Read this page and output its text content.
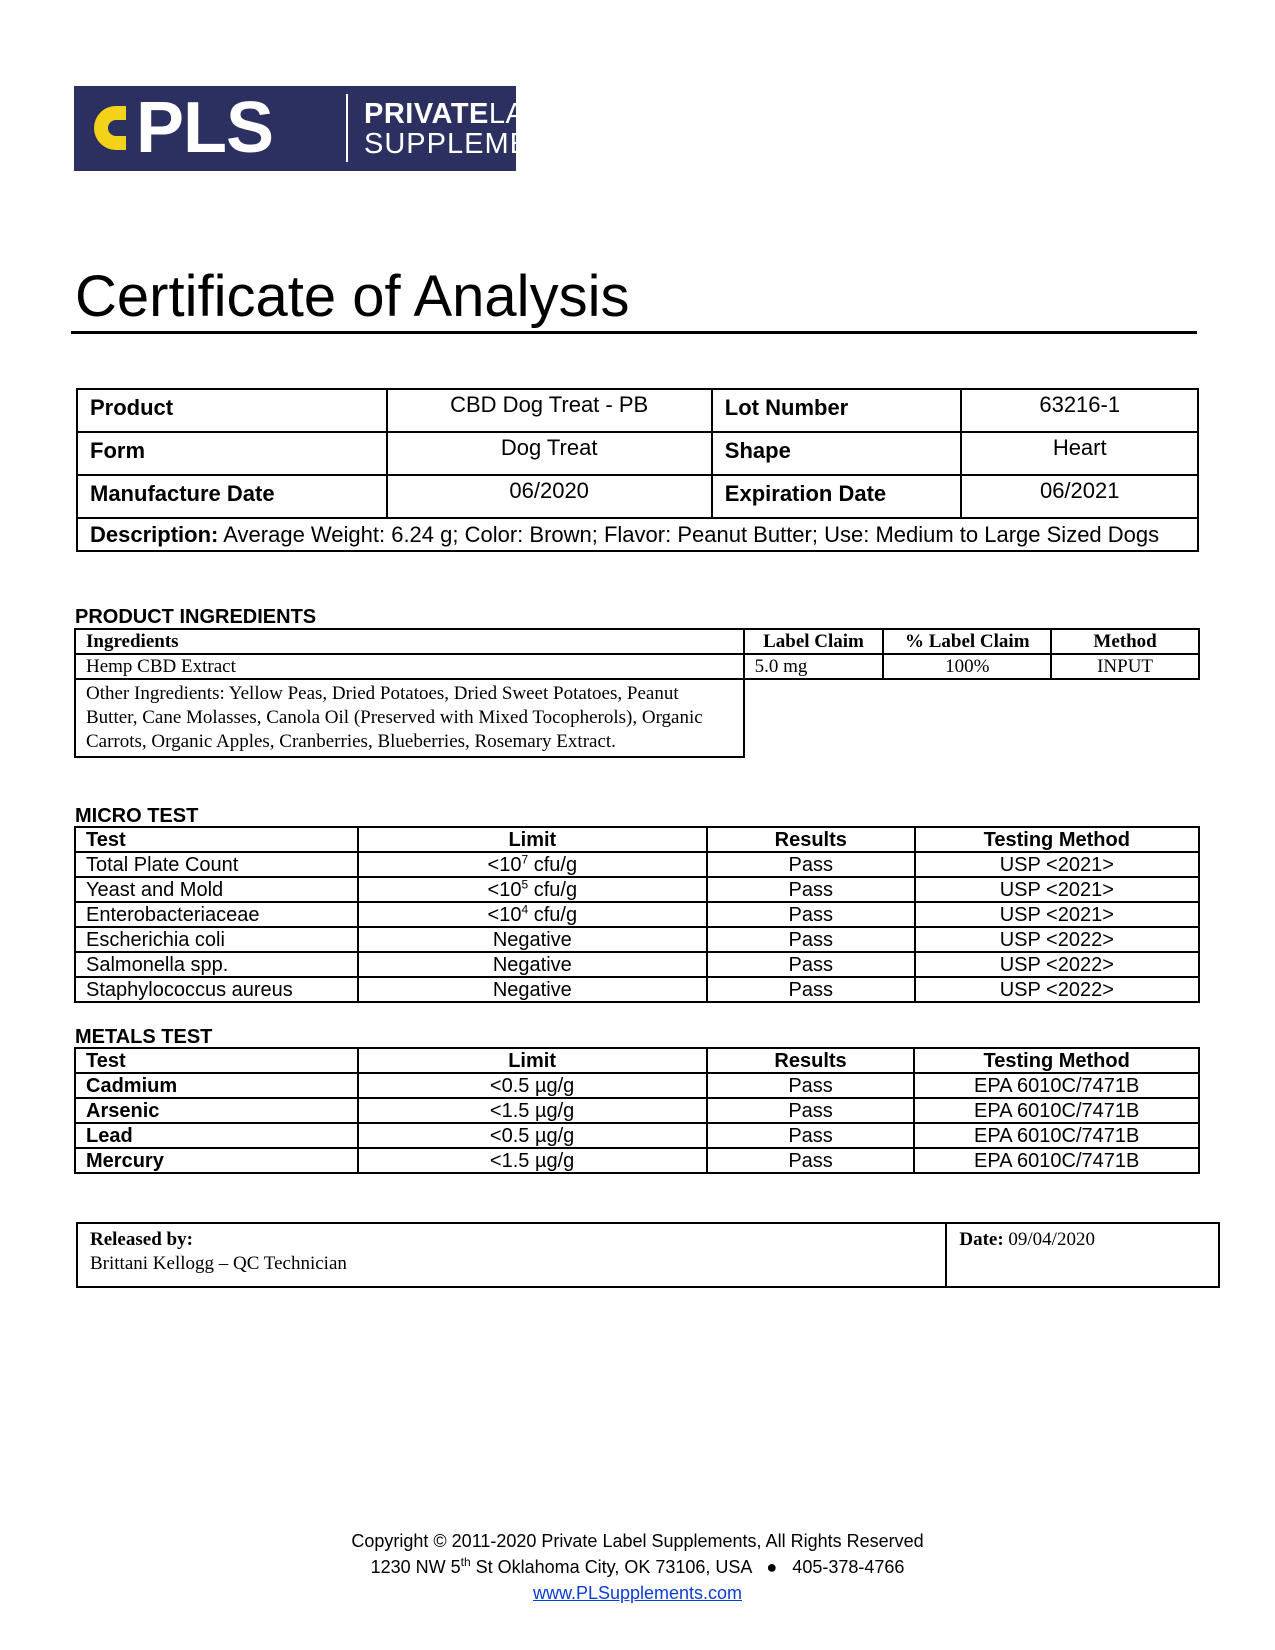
PLS	PRIVATELABEL
SUPPLEMENTS
Certificate of Analysis
Product	CBD Dog Treat - PB	Lot Number	63216-1
Form	Dog Treat	Shape	Heart
Manufacture Date	06/2020	Expiration Date	06/2021
Description: Average Weight: 6.24 g; Color: Brown; Flavor: Peanut Butter; Use: Medium to Large Sized Dogs			
PRODUCT INGREDIENTS
Ingredients	Label Claim	% Label Claim	Method
Hemp CBD Extract	5.0 mg	100%	INPUT
Other Ingredients: Yellow Peas, Dried Potatoes, Dried Sweet Potatoes, Peanut Butter, Cane Molasses, Canola Oil (Preserved with Mixed Tocopherols), Organic Carrots, Organic Apples, Cranberries, Blueberries, Rosemary Extract.			
MICRO TEST
Test	Limit	Results	Testing Method
Total Plate Count	$<10^7$ cfu/g	Pass	USP <2021>
Yeast and Mold	$<10^5$ cfu/g	Pass	USP <2021>
Enterobacteriaceae	$<10^4$ cfu/g	Pass	USP <2021>
Escherichia coli	Negative	Pass	USP <2022>
Salmonella spp.	Negative	Pass	USP <2022>
Staphylococcus aureus	Negative	Pass	USP <2022>
METALS TEST
Test	Limit	Results	Testing Method
Cadmium	<0.5 µg/g	Pass	EPA 6010C/7471B
Arsenic	<1.5 µg/g	Pass	EPA 6010C/7471B
Lead	<0.5 µg/g	Pass	EPA 6010C/7471B
Mercury	<1.5 µg/g	Pass	EPA 6010C/7471B
Released by:
Brittani Kellogg – QC Technician	Date: 09/04/2020
Copyright © 2011-2020 Private Label Supplements, All Rights Reserved
1230 NW 5th St Oklahoma City, OK 73106, USA   ●   405-378-4766
www.PLSupplements.com
